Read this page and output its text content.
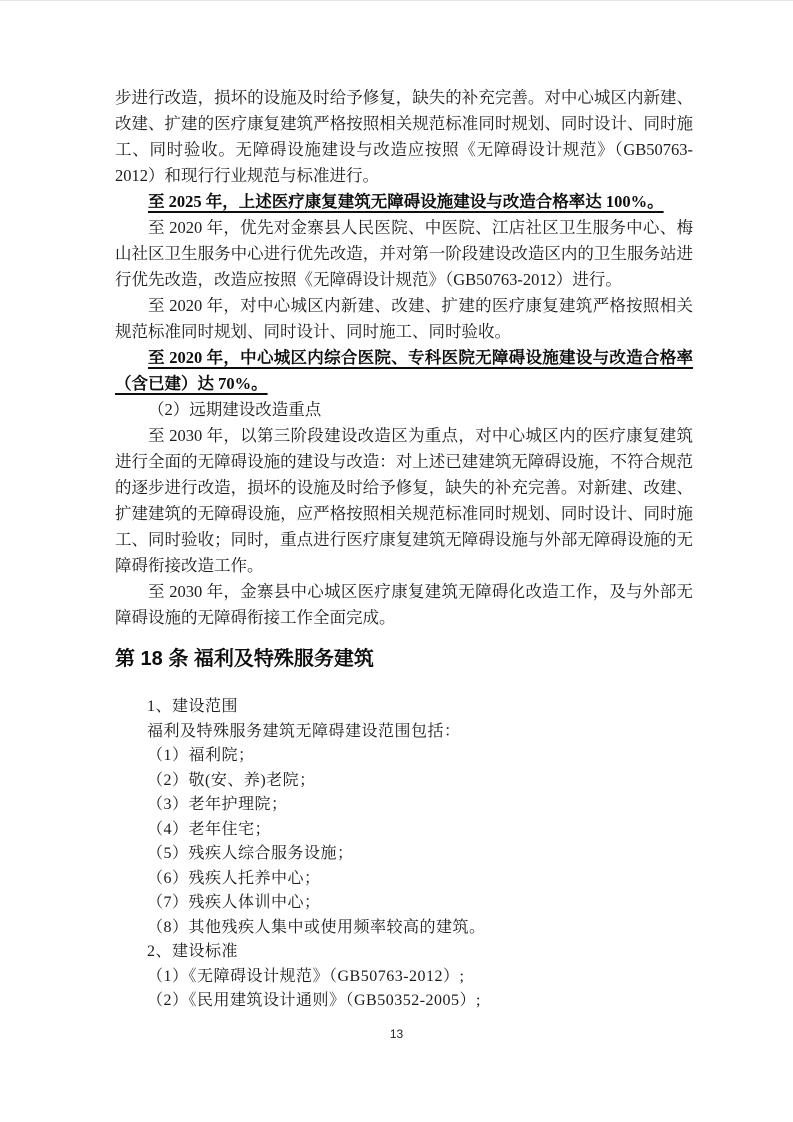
步进行改造，损坏的设施及时给予修复，缺失的补充完善。对中心城区内新建、改建、扩建的医疗康复建筑严格按照相关规范标准同时规划、同时设计、同时施工、同时验收。无障碍设施建设与改造应按照《无障碍设计规范》（GB50763-2012）和现行行业规范与标准进行。

至 2025 年，上述医疗康复建筑无障碍设施建设与改造合格率达 100%。

至 2020 年，优先对金寨县人民医院、中医院、江店社区卫生服务中心、梅山社区卫生服务中心进行优先改造，并对第一阶段建设改造区内的卫生服务站进行优先改造，改造应按照《无障碍设计规范》（GB50763-2012）进行。

至 2020 年，对中心城区内新建、改建、扩建的医疗康复建筑严格按照相关规范标准同时规划、同时设计、同时施工、同时验收。

至 2020 年，中心城区内综合医院、专科医院无障碍设施建设与改造合格率（含已建）达 70%。

（2）远期建设改造重点

至 2030 年，以第三阶段建设改造区为重点，对中心城区内的医疗康复建筑进行全面的无障碍设施的建设与改造：对上述已建建筑无障碍设施，不符合规范的逐步进行改造，损坏的设施及时给予修复，缺失的补充完善。对新建、改建、扩建建筑的无障碍设施，应严格按照相关规范标准同时规划、同时设计、同时施工、同时验收；同时，重点进行医疗康复建筑无障碍设施与外部无障碍设施的无障碍衔接改造工作。

至 2030 年，金寨县中心城区医疗康复建筑无障碍化改造工作，及与外部无障碍设施的无障碍衔接工作全面完成。

第 18 条 福利及特殊服务建筑

1、建设范围

福利及特殊服务建筑无障碍建设范围包括：

（1）福利院；

（2）敬(安、养)老院；

（3）老年护理院；

（4）老年住宅；

（5）残疾人综合服务设施；

（6）残疾人托养中心；

（7）残疾人体训中心；

（8）其他残疾人集中或使用频率较高的建筑。

2、建设标准

（1）《无障碍设计规范》（GB50763-2012）;

（2）《民用建筑设计通则》（GB50352-2005）;

13
